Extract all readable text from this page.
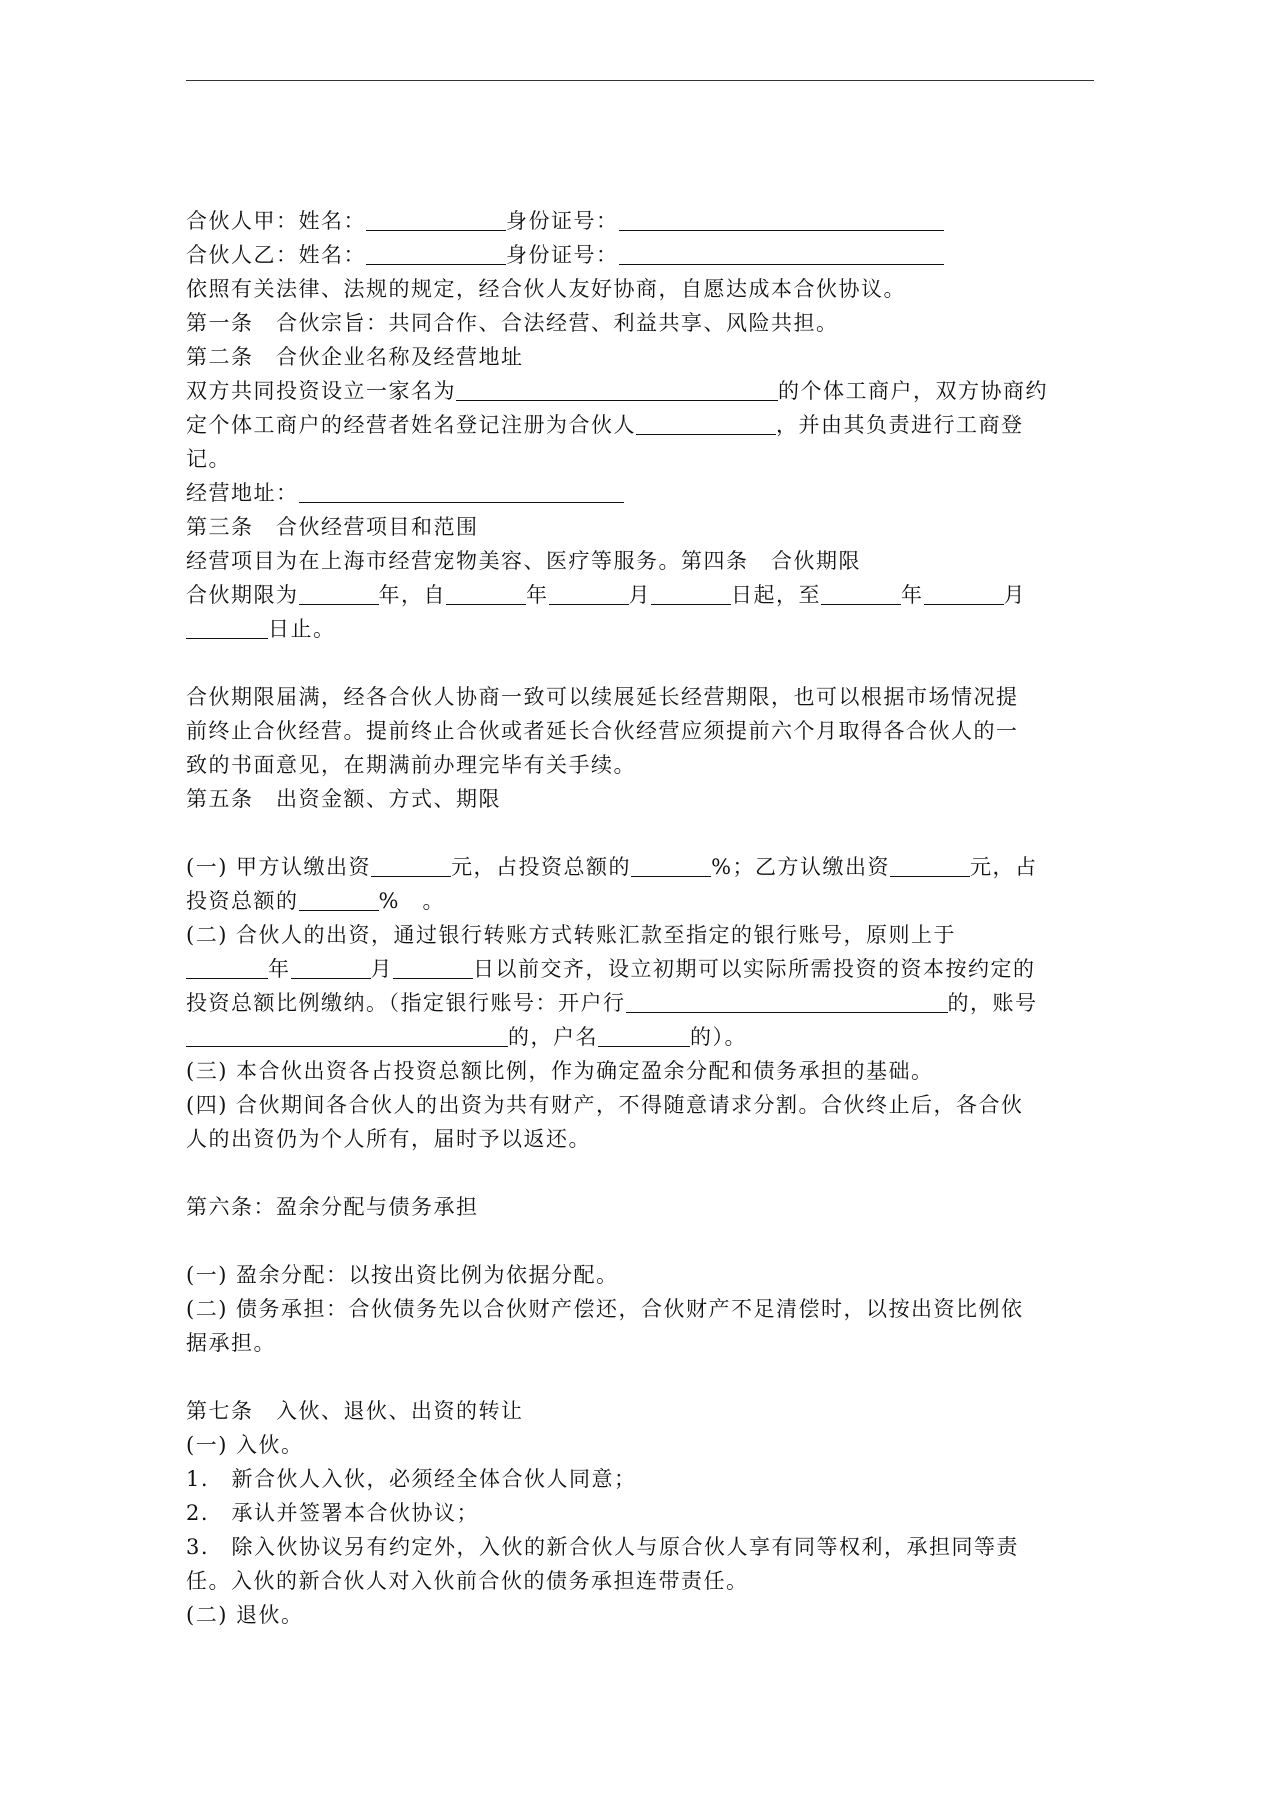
合伙人甲：姓名：	身份证号：
合伙人乙：姓名：	身份证号：
依照有关法律、法规的规定，经合伙人友好协商，自愿达成本合伙协议。
第一条　合伙宗旨：共同合作、合法经营、利益共享、风险共担。
第二条　合伙企业名称及经营地址
双方共同投资设立一家名为	的个体工商户，双方协商约
定个体工商户的经营者姓名登记注册为合伙人	，并由其负责进行工商登
记。
经营地址：
第三条　合伙经营项目和范围
经营项目为在上海市经营宠物美容、医疗等服务。第四条　合伙期限
合伙期限为	年，自	年	月	日起，至	年	月
日止。
合伙期限届满，经各合伙人协商一致可以续展延长经营期限，也可以根据市场情况提
前终止合伙经营。提前终止合伙或者延长合伙经营应须提前六个月取得各合伙人的一
致的书面意见，在期满前办理完毕有关手续。
第五条　出资金额、方式、期限
(一) 甲方认缴出资	元，占投资总额的	%；乙方认缴出资	元，占
投资总额的	%　。
(二) 合伙人的出资，通过银行转账方式转账汇款至指定的银行账号，原则上于
年	月	日以前交齐，设立初期可以实际所需投资的资本按约定的
投资总额比例缴纳。（指定银行账号：开户行	的，账号
的，户名	的）。
(三) 本合伙出资各占投资总额比例，作为确定盈余分配和债务承担的基础。
(四) 合伙期间各合伙人的出资为共有财产，不得随意请求分割。合伙终止后，各合伙
人的出资仍为个人所有，届时予以返还。
第六条：盈余分配与债务承担
(一) 盈余分配：以按出资比例为依据分配。
(二) 债务承担：合伙债务先以合伙财产偿还，合伙财产不足清偿时，以按出资比例依
据承担。
第七条　入伙、退伙、出资的转让
(一) 入伙。
1.　新合伙人入伙，必须经全体合伙人同意；
2.　承认并签署本合伙协议；
3.　除入伙协议另有约定外，入伙的新合伙人与原合伙人享有同等权利，承担同等责
任。入伙的新合伙人对入伙前合伙的债务承担连带责任。
(二) 退伙。
